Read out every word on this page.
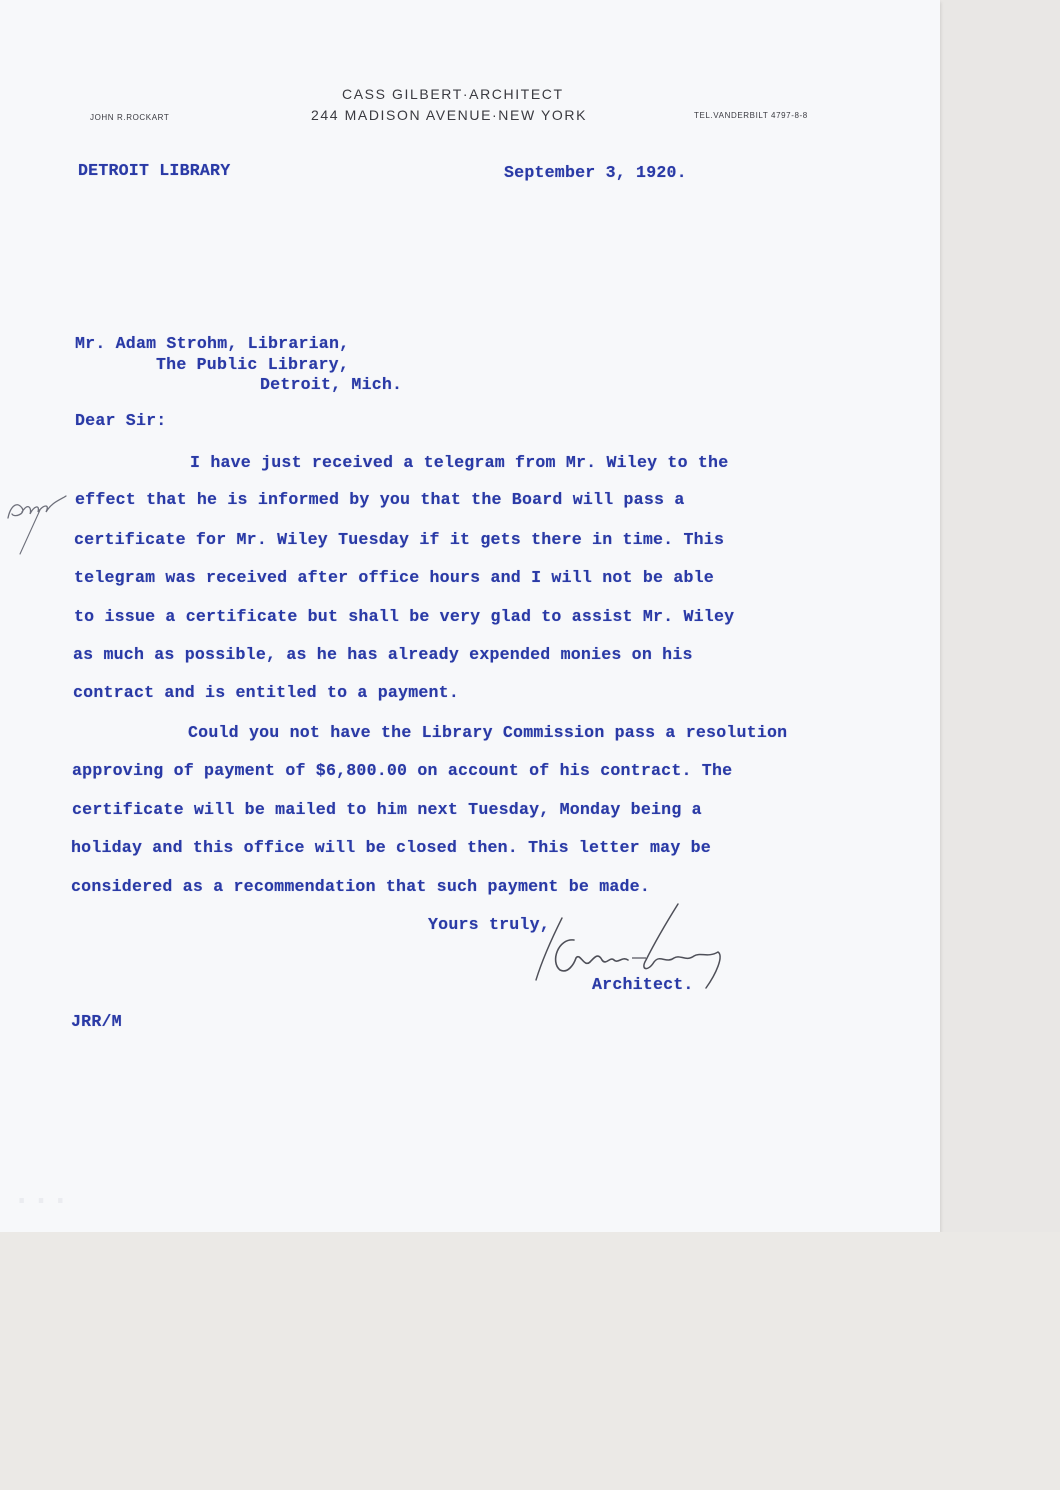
CASS GILBERT·ARCHITECT
244 MADISON AVENUE·NEW YORK
JOHN R.ROCKART	TEL.VANDERBILT 4797-8-8
DETROIT LIBRARY	September 3, 1920.
Mr. Adam Strohm, Librarian,
The Public Library,
Detroit, Mich.
Dear Sir:
I have just received a telegram from Mr. Wiley to the
effect that he is informed by you that the Board will pass a
certificate for Mr. Wiley Tuesday if it gets there in time. This
telegram was received after office hours and I will not be able
to issue a certificate but shall be very glad to assist Mr. Wiley
as much as possible, as he has already expended monies on his
contract and is entitled to a payment.
Could you not have the Library Commission pass a resolution
approving of payment of $6,800.00 on account of his contract. The
certificate will be mailed to him next Tuesday, Monday being a
holiday and this office will be closed then. This letter may be
considered as a recommendation that such payment be made.
Yours truly,
Architect.
JRR/M
···
